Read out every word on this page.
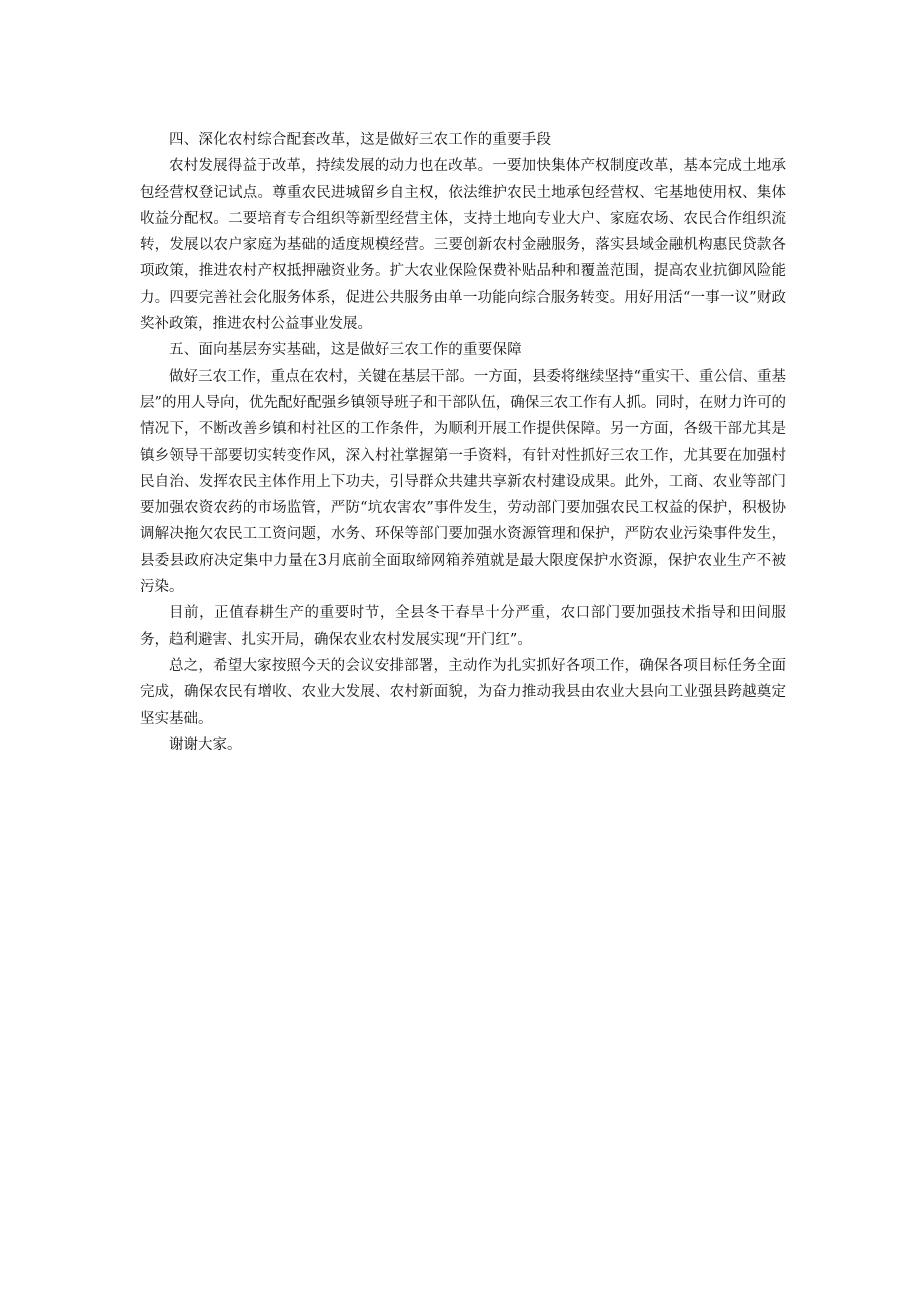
四、深化农村综合配套改革，这是做好三农工作的重要手段

农村发展得益于改革，持续发展的动力也在改革。一要加快集体产权制度改革，基本完成土地承包经营权登记试点。尊重农民进城留乡自主权，依法维护农民土地承包经营权、宅基地使用权、集体收益分配权。二要培育专合组织等新型经营主体，支持土地向专业大户、家庭农场、农民合作组织流转，发展以农户家庭为基础的适度规模经营。三要创新农村金融服务，落实县域金融机构惠民贷款各项政策，推进农村产权抵押融资业务。扩大农业保险保费补贴品种和覆盖范围，提高农业抗御风险能力。四要完善社会化服务体系，促进公共服务由单一功能向综合服务转变。用好用活“一事一议”财政奖补政策，推进农村公益事业发展。

五、面向基层夯实基础，这是做好三农工作的重要保障

做好三农工作，重点在农村，关键在基层干部。一方面，县委将继续坚持“重实干、重公信、重基层”的用人导向，优先配好配强乡镇领导班子和干部队伍，确保三农工作有人抓。同时，在财力许可的情况下，不断改善乡镇和村社区的工作条件，为顺利开展工作提供保障。另一方面，各级干部尤其是镇乡领导干部要切实转变作风，深入村社掌握第一手资料，有针对性抓好三农工作，尤其要在加强村民自治、发挥农民主体作用上下功夫，引导群众共建共享新农村建设成果。此外，工商、农业等部门要加强农资农药的市场监管，严防“坑农害农”事件发生，劳动部门要加强农民工权益的保护，积极协调解决拖欠农民工工资问题，水务、环保等部门要加强水资源管理和保护，严防农业污染事件发生，县委县政府决定集中力量在3月底前全面取缔网箱养殖就是最大限度保护水资源，保护农业生产不被污染。

目前，正值春耕生产的重要时节，全县冬干春旱十分严重，农口部门要加强技术指导和田间服务，趋利避害、扎实开局，确保农业农村发展实现“开门红”。

总之，希望大家按照今天的会议安排部署，主动作为扎实抓好各项工作，确保各项目标任务全面完成，确保农民有增收、农业大发展、农村新面貌，为奋力推动我县由农业大县向工业强县跨越奠定坚实基础。

谢谢大家。
